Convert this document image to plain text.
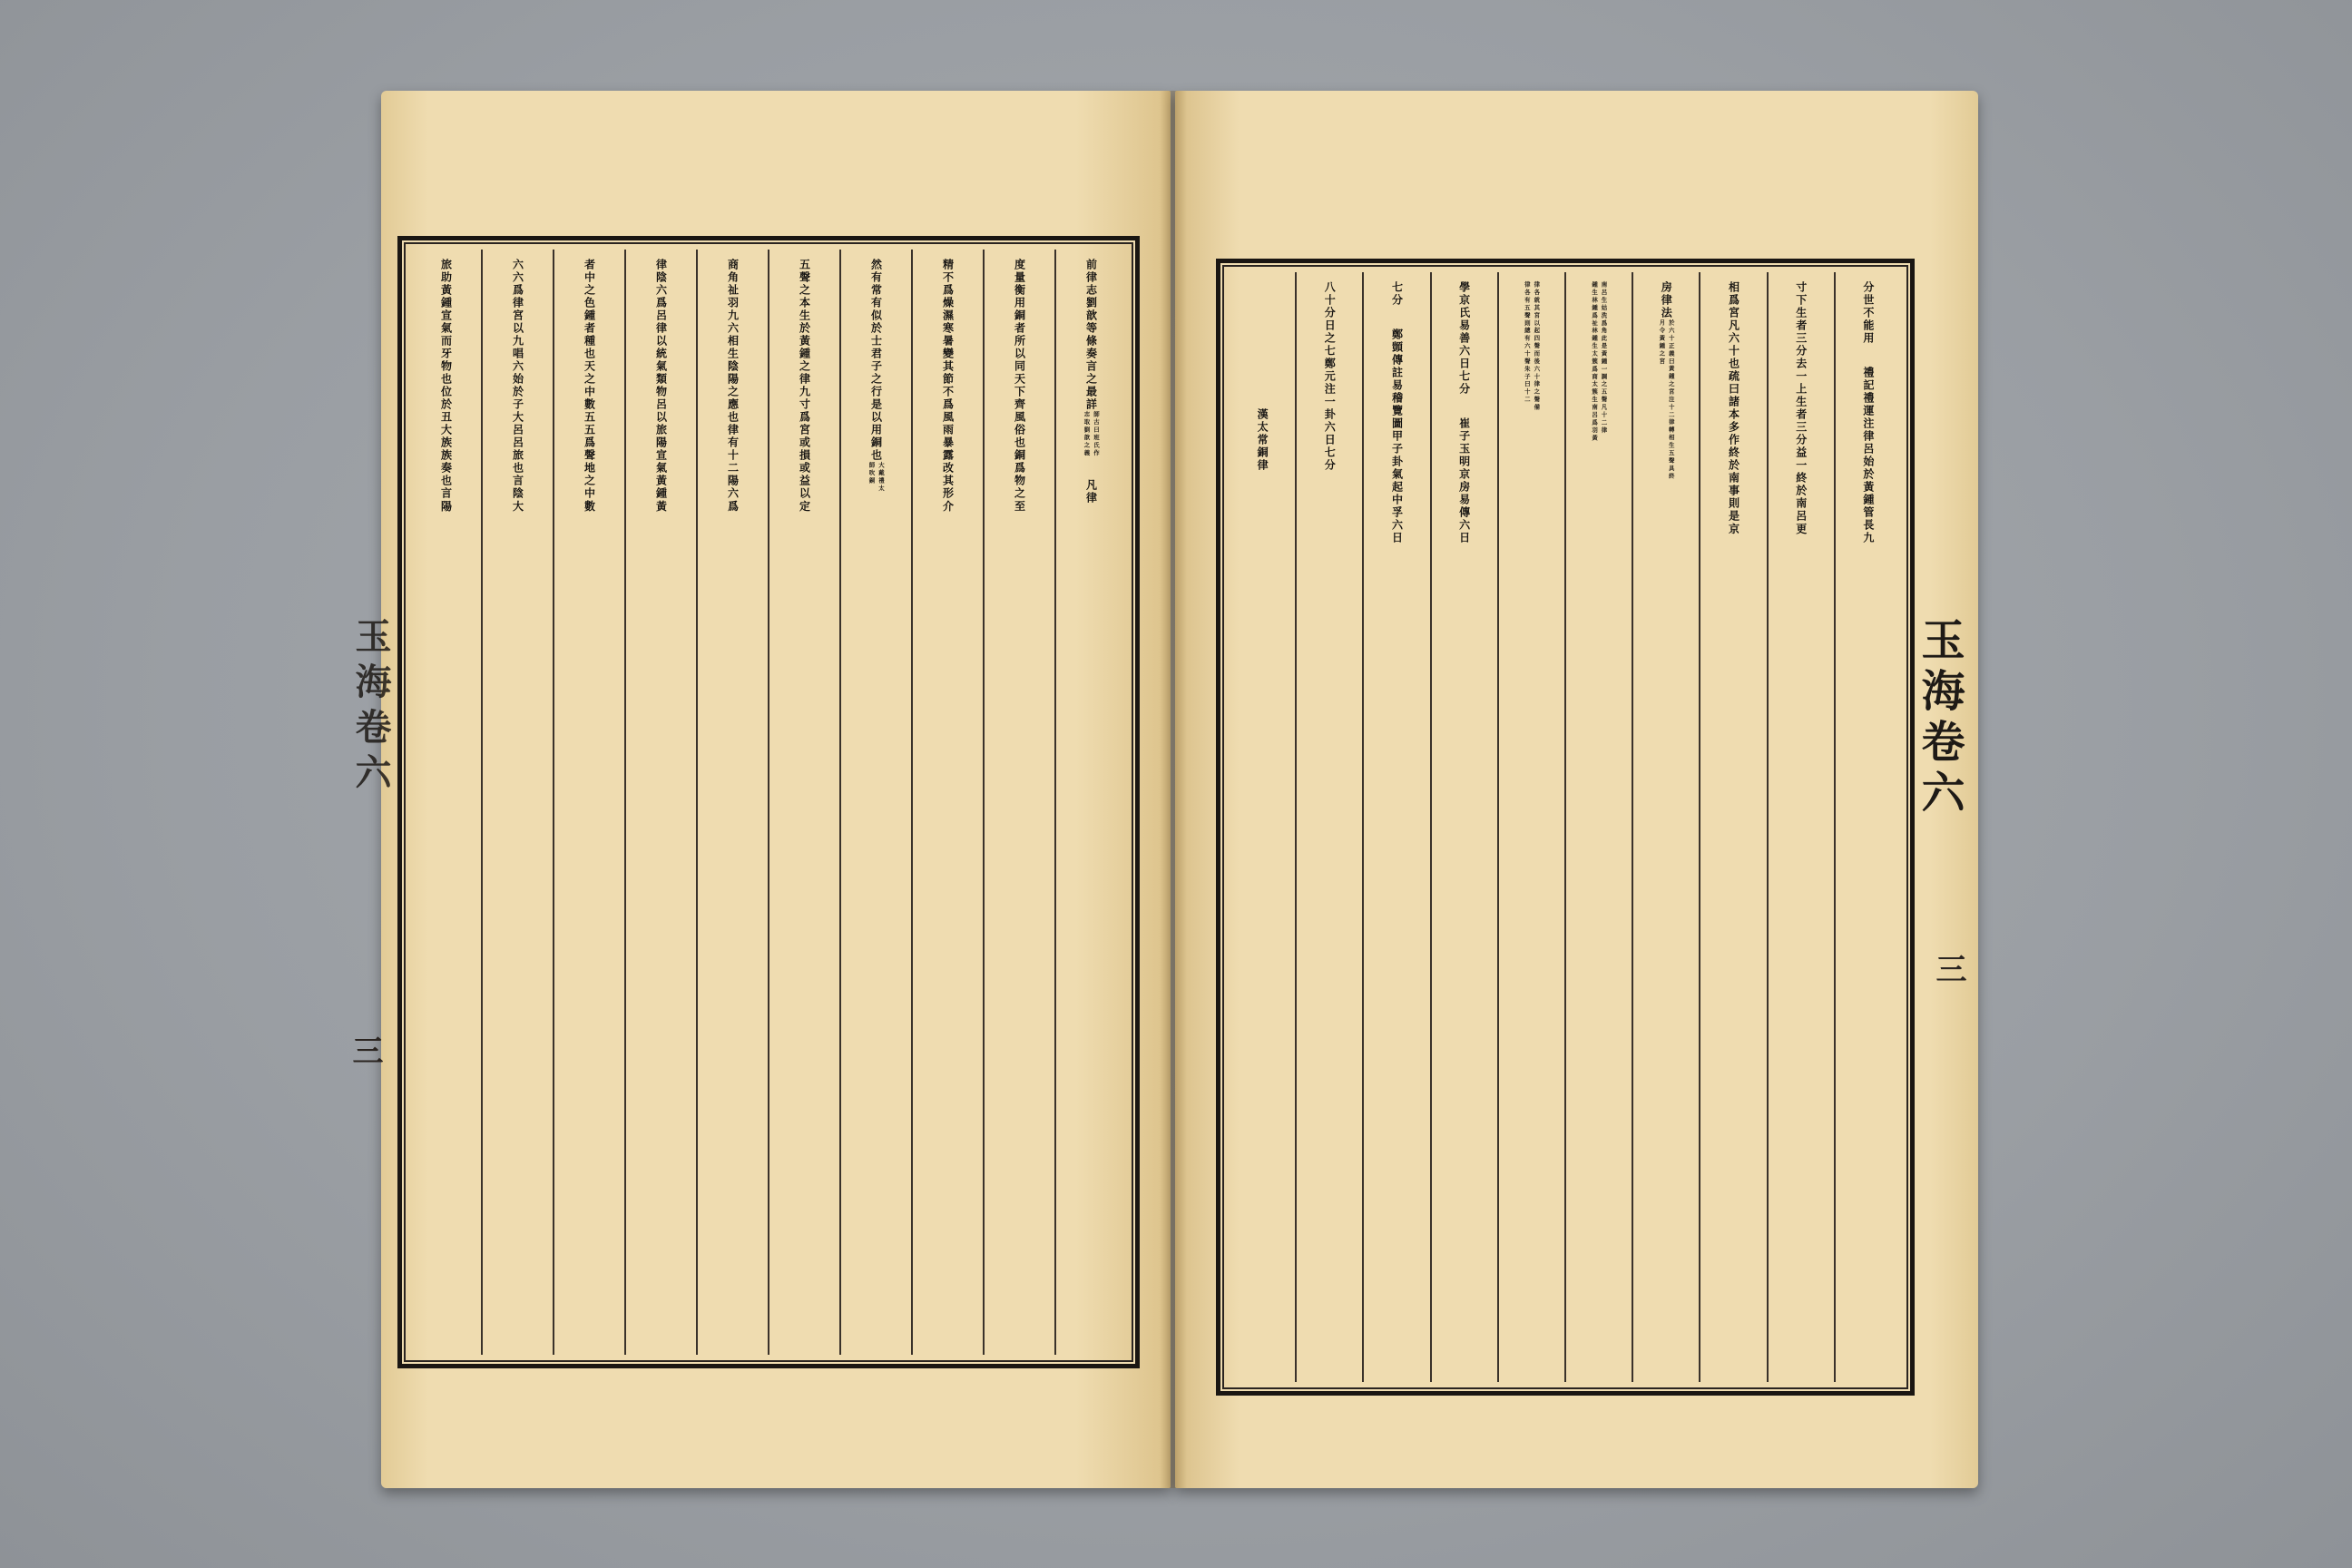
前律志劉歆等條奏言之最詳
師古曰班氏作
志取劉歆之義
凡律
度量衡用銅者所以同天下齊風俗也銅爲物之至
精不爲燥濕寒暑變其節不爲風雨暴露改其形介
然有常有似於士君子之行是以用銅也
大戴禮太
師吹銅
五聲之本生於黃鍾之律九寸爲宮或損或益以定
商角祉羽九六相生陰陽之應也律有十二陽六爲
律陰六爲呂律以統氣類物呂以旅陽宣氣黃鍾黃
者中之色鍾者種也天之中數五五爲聲地之中數
六六爲律宮以九唱六始於子大呂呂旅也言陰大
旅助黃鍾宣氣而牙物也位於丑大族族奏也言陽
玉海卷六
三
分世不能用
禮記禮運注律呂始於黃鍾管長九
寸下生者三分去一上生者三分益一終於南呂更
相爲宮凡六十也疏曰諸本多作終於南事則是京
房律法
於六十正義曰黃鍾之宮注十二律轉相生五聲具終
月令黃鍾之宮
南呂生姑洗爲角此是黃鍾一調之五聲凡十二律
鍾生林鍾爲祉林鍾生太簇爲商太簇生南呂爲羽黃
律各就其宮以起四聲而後六十律之聲備
律各有五聲則總有六十聲朱子曰十二
學京氏易善六日七分
崔子玉明京房易傳六日
七分
鄭顗傳註易稽覽圖甲子卦氣起中孚六日
八十分日之七鄭元注一卦六日七分
漢太常銅律
玉海卷六
三
